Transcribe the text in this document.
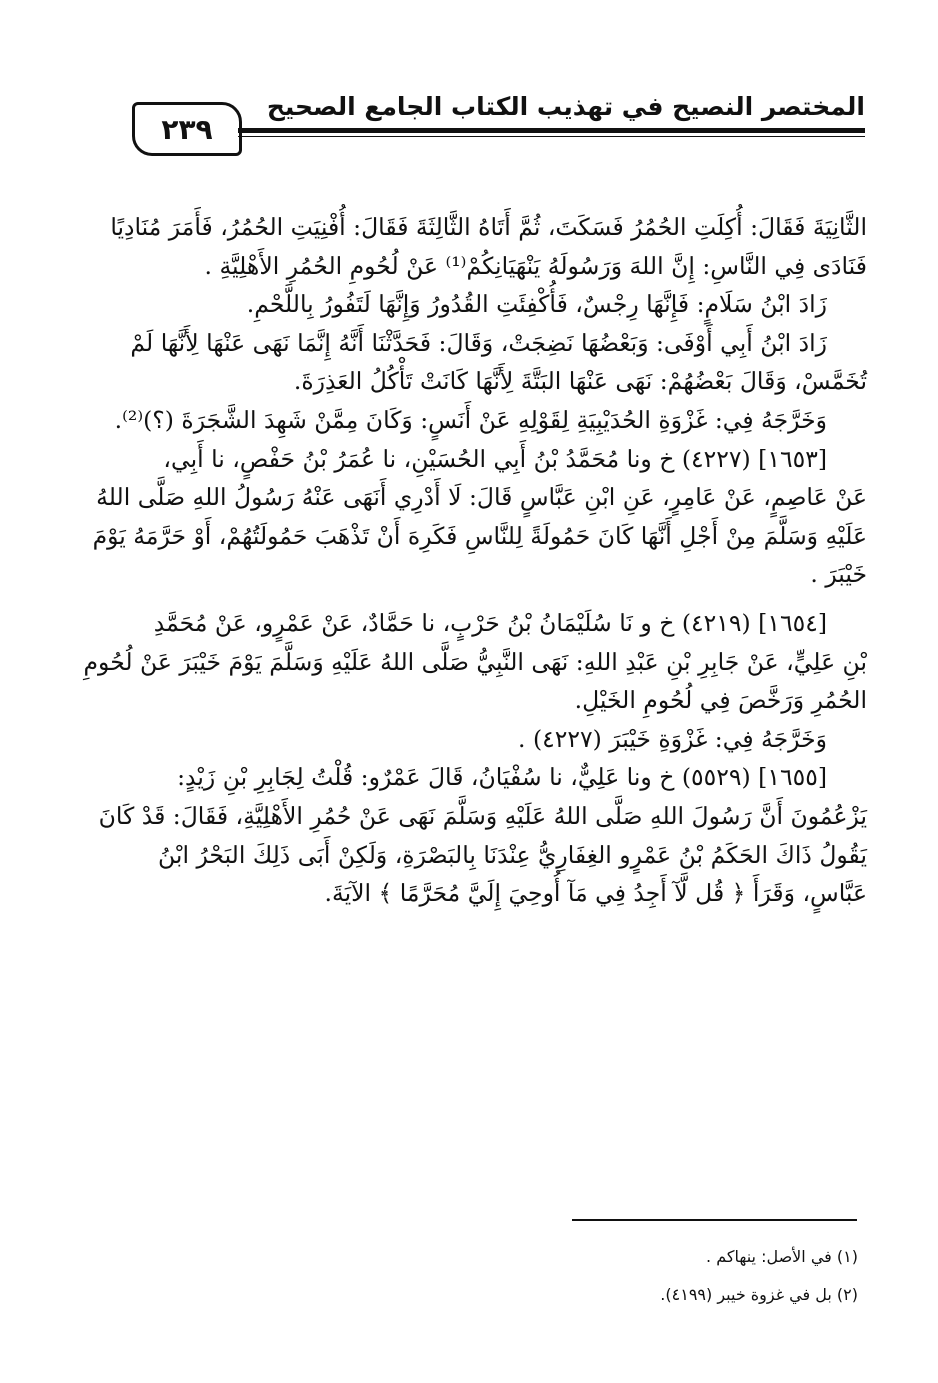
المختصر النصيح في تهذيب الكتاب الجامع الصحيح
٢٣٩
الثَّانِيَةَ فَقَالَ: أُكِلَتِ الحُمُرُ فَسَكَتَ، ثُمَّ أَتَاهُ الثَّالِثَةَ فَقَالَ: أُفْنِيَتِ الحُمُرُ، فَأَمَرَ مُنَادِيًا
فَنَادَى فِي النَّاسِ: إِنَّ اللهَ وَرَسُولَهُ يَنْهَيَانِكُمْ⁽¹⁾ عَنْ لُحُومِ الحُمُرِ الأَهْلِيَّةِ .
زَادَ ابْنُ سَلَامٍ: فَإِنَّهَا رِجْسٌ، فَأُكْفِئَتِ القُدُورُ وَإِنَّهَا لَتَفُورُ بِاللَّحْمِ.
زَادَ ابْنُ أَبِي أَوْفَى: وَبَعْضُهَا نَضِجَتْ، وَقَالَ: فَحَدَّثْنَا أَنَّهُ إِنَّمَا نَهَى عَنْهَا لِأَنَّهَا لَمْ
تُخَمَّسْ، وَقَالَ بَعْضُهُمْ: نَهَى عَنْهَا البَتَّةَ لِأَنَّهَا كَانَتْ تَأْكُلُ العَذِرَةَ.
وَخَرَّجَهُ فِي: غَزْوَةِ الحُدَيْبِيَةِ لِقَوْلِهِ عَنْ أَنَسٍ: وَكَانَ مِمَّنْ شَهِدَ الشَّجَرَةَ (؟)⁽²⁾.
[١٦٥٣] (٤٢٢٧) خ ونا مُحَمَّدُ بْنُ أَبِي الحُسَيْنِ، نا عُمَرُ بْنُ حَفْصٍ، نا أَبِي،
عَنْ عَاصِمٍ، عَنْ عَامِرٍ، عَنِ ابْنِ عَبَّاسٍ قَالَ: لَا أَدْرِي أَنَهَى عَنْهُ رَسُولُ اللهِ صَلَّى اللهُ
عَلَيْهِ وَسَلَّمَ مِنْ أَجْلِ أَنَّهَا كَانَ حَمُولَةً لِلنَّاسِ فَكَرِهَ أَنْ تَذْهَبَ حَمُولَتُهُمْ، أَوْ حَرَّمَهُ يَوْمَ
خَيْبَرَ .
[١٦٥٤] (٤٢١٩) خ و نَا سُلَيْمَانُ بْنُ حَرْبٍ، نا حَمَّادٌ، عَنْ عَمْرٍو، عَنْ مُحَمَّدِ
بْنِ عَلِيٍّ، عَنْ جَابِرِ بْنِ عَبْدِ اللهِ: نَهَى النَّبِيُّ صَلَّى اللهُ عَلَيْهِ وَسَلَّمَ يَوْمَ خَيْبَرَ عَنْ لُحُومِ
الحُمُرِ وَرَخَّصَ فِي لُحُومِ الخَيْلِ.
وَخَرَّجَهُ فِي: غَزْوَةِ خَيْبَرَ (٤٢٢٧) .
[١٦٥٥] (٥٥٢٩) خ ونا عَلِيٌّ، نا سُفْيَانُ، قَالَ عَمْرٌو: قُلْتُ لِجَابِرِ بْنِ زَيْدٍ:
يَزْعُمُونَ أَنَّ رَسُولَ اللهِ صَلَّى اللهُ عَلَيْهِ وَسَلَّمَ نَهَى عَنْ حُمُرِ الأَهْلِيَّةِ، فَقَالَ: قَدْ كَانَ
يَقُولُ ذَاكَ الحَكَمُ بْنُ عَمْرٍو الغِفَارِيُّ عِنْدَنَا بِالبَصْرَةِ، وَلَكِنْ أَبَى ذَلِكَ البَحْرُ ابْنُ
عَبَّاسٍ، وَقَرَأَ ﴿ قُل لَّآ أَجِدُ فِي مَآ أُوحِيَ إِلَيَّ مُحَرَّمًا ﴾ الآيَةَ.
(١) في الأصل: ينهاكم .
(٢) بل في غزوة خيبر (٤١٩٩).
